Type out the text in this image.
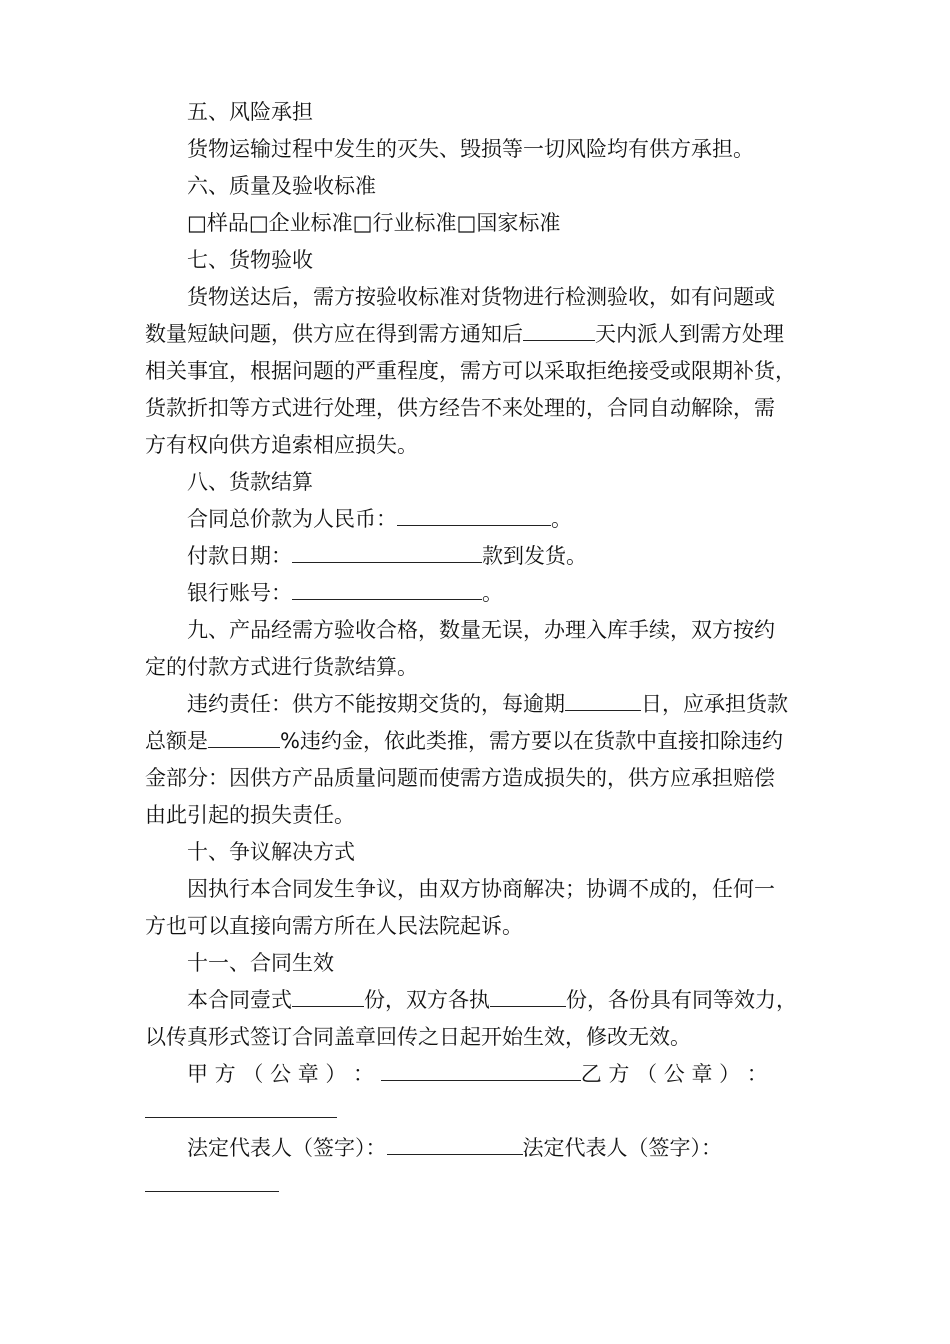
五、风险承担
货物运输过程中发生的灭失、毁损等一切风险均有供方承担。
六、质量及验收标准
□样品□企业标准□行业标准□国家标准
七、货物验收
货物送达后，需方按验收标准对货物进行检测验收，如有问题或
数量短缺问题，供方应在得到需方通知后	天内派人到需方处理
相关事宜，根据问题的严重程度，需方可以采取拒绝接受或限期补货，
货款折扣等方式进行处理，供方经告不来处理的，合同自动解除，需
方有权向供方追索相应损失。
八、货款结算
合同总价款为人民币：	。
付款日期：	款到发货。
银行账号：	。
九、产品经需方验收合格，数量无误，办理入库手续，双方按约
定的付款方式进行货款结算。
违约责任：供方不能按期交货的，每逾期	日，应承担货款
总额是	%违约金，依此类推，需方要以在货款中直接扣除违约
金部分：因供方产品质量问题而使需方造成损失的，供方应承担赔偿
由此引起的损失责任。
十、争议解决方式
因执行本合同发生争议，由双方协商解决；协调不成的，任何一
方也可以直接向需方所在人民法院起诉。
十一、合同生效
本合同壹式	份，双方各执	份，各份具有同等效力，
以传真形式签订合同盖章回传之日起开始生效，修改无效。
甲 方 （ 公 章 ） ：	乙 方 （ 公 章 ） ：
法定代表人（签字）：	法定代表人（签字）：
